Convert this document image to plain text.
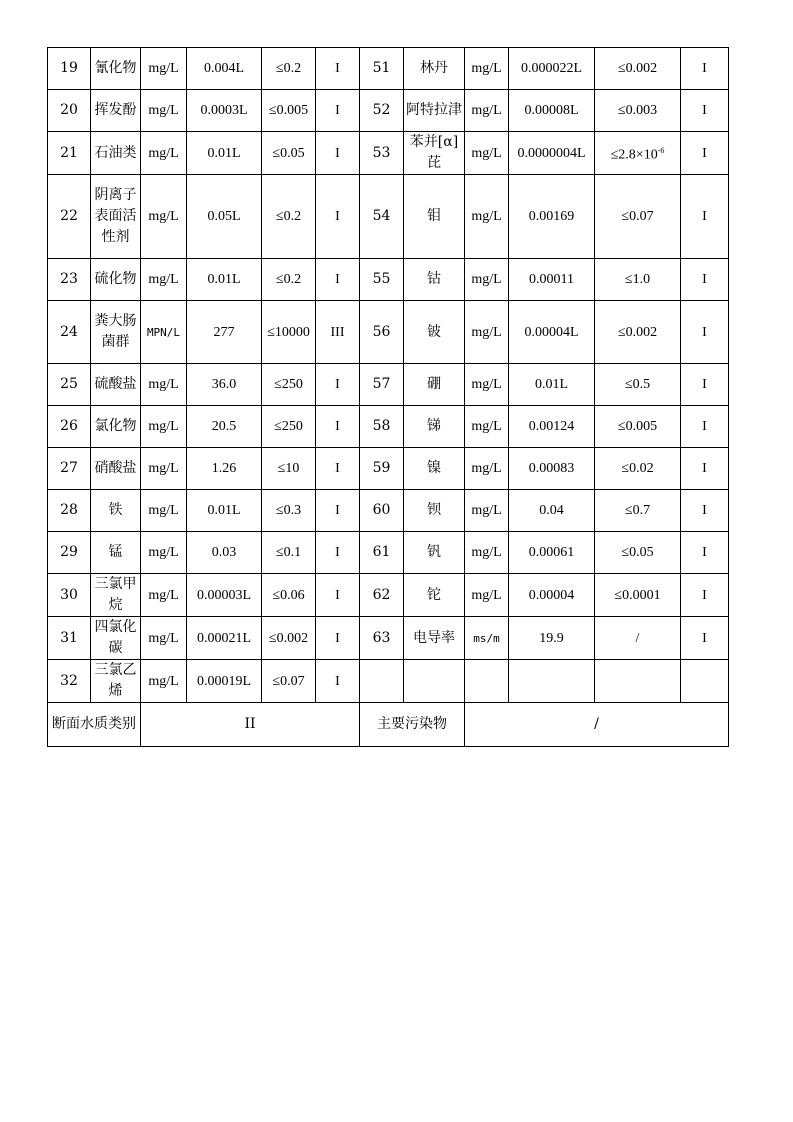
19	氰化物	mg/L	0.004L	≤0.2	I	51	林丹	mg/L	0.000022L	≤0.002	I
20	挥发酚	mg/L	0.0003L	≤0.005	I	52	阿特拉津	mg/L	0.00008L	≤0.003	I
21	石油类	mg/L	0.01L	≤0.05	I	53	苯并[α]芘	mg/L	0.0000004L	$\le 2.8\times 10^{-6}$	I
22	阴离子表面活性剂	mg/L	0.05L	≤0.2	I	54	钼	mg/L	0.00169	≤0.07	I
23	硫化物	mg/L	0.01L	≤0.2	I	55	钴	mg/L	0.00011	≤1.0	I
24	粪大肠菌群	MPN/L	277	≤10000	III	56	铍	mg/L	0.00004L	≤0.002	I
25	硫酸盐	mg/L	36.0	≤250	I	57	硼	mg/L	0.01L	≤0.5	I
26	氯化物	mg/L	20.5	≤250	I	58	锑	mg/L	0.00124	≤0.005	I
27	硝酸盐	mg/L	1.26	≤10	I	59	镍	mg/L	0.00083	≤0.02	I
28	铁	mg/L	0.01L	≤0.3	I	60	钡	mg/L	0.04	≤0.7	I
29	锰	mg/L	0.03	≤0.1	I	61	钒	mg/L	0.00061	≤0.05	I
30	三氯甲烷	mg/L	0.00003L	≤0.06	I	62	铊	mg/L	0.00004	≤0.0001	I
31	四氯化碳	mg/L	0.00021L	≤0.002	I	63	电导率	ms/m	19.9	/	I
32	三氯乙烯	mg/L	0.00019L	≤0.07	I						
断面水质类别		II				主要污染物		/			
